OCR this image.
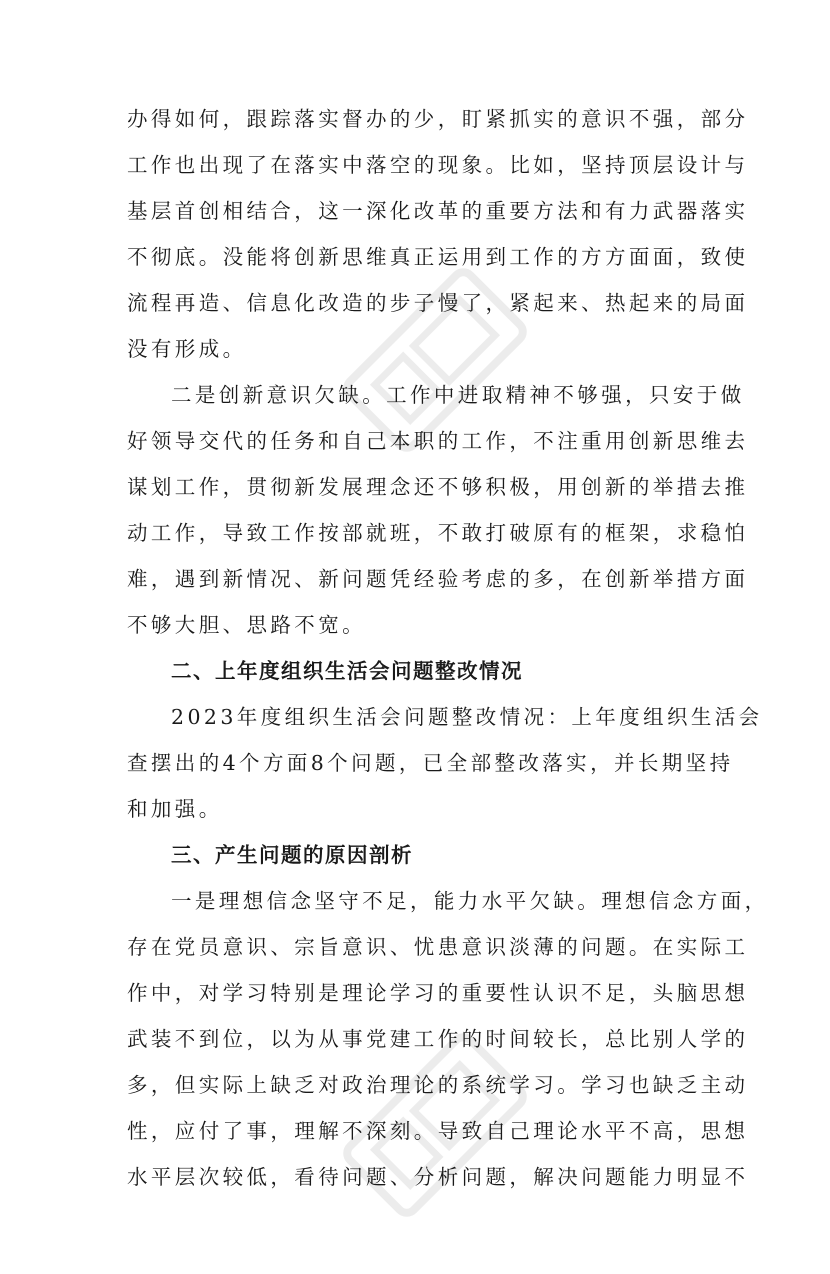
办得如何，跟踪落实督办的少，盯紧抓实的意识不强，部分
工作也出现了在落实中落空的现象。比如，坚持顶层设计与
基层首创相结合，这一深化改革的重要方法和有力武器落实
不彻底。没能将创新思维真正运用到工作的方方面面，致使
流程再造、信息化改造的步子慢了，紧起来、热起来的局面
没有形成。
二是创新意识欠缺。工作中进取精神不够强，只安于做
好领导交代的任务和自己本职的工作，不注重用创新思维去
谋划工作，贯彻新发展理念还不够积极，用创新的举措去推
动工作，导致工作按部就班，不敢打破原有的框架，求稳怕
难，遇到新情况、新问题凭经验考虑的多，在创新举措方面
不够大胆、思路不宽。
二、上年度组织生活会问题整改情况
2023年度组织生活会问题整改情况：上年度组织生活会
查摆出的4个方面8个问题，已全部整改落实，并长期坚持
和加强。
三、产生问题的原因剖析
一是理想信念坚守不足，能力水平欠缺。理想信念方面，
存在党员意识、宗旨意识、忧患意识淡薄的问题。在实际工
作中，对学习特别是理论学习的重要性认识不足，头脑思想
武装不到位，以为从事党建工作的时间较长，总比别人学的
多，但实际上缺乏对政治理论的系统学习。学习也缺乏主动
性，应付了事，理解不深刻。导致自己理论水平不高，思想
水平层次较低，看待问题、分析问题，解决问题能力明显不
